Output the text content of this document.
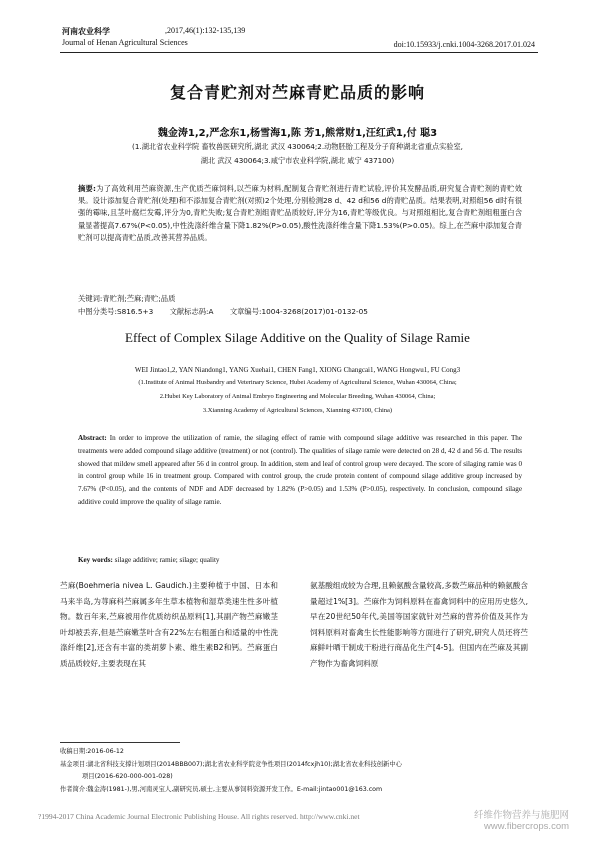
河南农业科学	,2017,46(1):132-135,139
Journal of Henan Agricultural Sciences	doi:10.15933/j.cnki.1004-3268.2017.01.024
复合青贮剂对苎麻青贮品质的影响
魏金涛1,2,严念东1,杨雪海1,陈 芳1,熊常财1,汪红武1,付 聪3
(1.湖北省农业科学院 畜牧兽医研究所,湖北 武汉 430064;2.动物胚胎工程及分子育种湖北省重点实验室,
湖北 武汉 430064;3.咸宁市农业科学院,湖北 咸宁 437100)
摘要:为了高效利用苎麻资源,生产优质苎麻饲料,以苎麻为材料,配制复合青贮剂进行青贮试验,评价其发酵品质,研究复合青贮剂的青贮效果。设计添加复合青贮剂(处理)和不添加复合青贮剂(对照)2个处理,分别检测28 d、42 d和56 d的青贮品质。结果表明,对照组56 d时有很强的霉味,且茎叶腐烂发霉,评分为0,青贮失败;复合青贮剂组青贮品质较好,评分为16,青贮等级优良。与对照组相比,复合青贮剂组粗蛋白含量显著提高7.67%(P<0.05),中性洗涤纤维含量下降1.82%(P>0.05),酸性洗涤纤维含量下降1.53%(P>0.05)。综上,在苎麻中添加复合青贮剂可以提高青贮品质,改善其营养品质。
关键词:青贮剂;苎麻;青贮;品质
中图分类号:S816.5+3 文献标志码:A 文章编号:1004-3268(2017)01-0132-05
Effect of Complex Silage Additive on the Quality of Silage Ramie
WEI Jintao1,2, YAN Niandong1, YANG Xuehai1, CHEN Fang1, XIONG Changcai1, WANG Hongwu1, FU Cong3
(1.Institute of Animal Husbandry and Veterinary Science, Hubei Academy of Agricultural Science, Wuhan 430064, China;
2.Hubei Key Laboratory of Animal Embryo Engineering and Molecular Breeding, Wuhan 430064, China;
3.Xianning Academy of Agricultural Sciences, Xianning 437100, China)
Abstract: In order to improve the utilization of ramie, the silaging effect of ramie with compound silage additive was researched in this paper. The treatments were added compound silage additive (treatment) or not (control). The qualities of silage ramie were detected on 28 d, 42 d and 56 d. The results showed that mildew smell appeared after 56 d in control group. In addition, stem and leaf of control group were decayed. The score of silaging ramie was 0 in control group while 16 in treatment group. Compared with control group, the crude protein content of compound silage additive group increased by 7.67% (P<0.05), and the contents of NDF and ADF decreased by 1.82% (P>0.05) and 1.53% (P>0.05), respectively. In conclusion, compound silage additive could improve the quality of silage ramie.
Key words: silage additive; ramie; silage; quality
苎麻(Boehmeria nivea L. Gaudich.)主要种植于中国、日本和马来半岛,为荨麻科苎麻属多年生草本植物和湿草类速生性多叶植物。数百年来,苎麻被用作优质纺织品原料[1],其副产物苎麻嫩茎叶却被丢弃,但是苎麻嫩茎叶含有22%左右粗蛋白和适量的中性洗涤纤维[2],还含有丰富的类胡萝卜素、维生素B2和钙。苎麻蛋白质品质较好,主要表现在其
氨基酸组成较为合理,且赖氨酸含量较高,多数苎麻品种的赖氨酸含量超过1%[3]。苎麻作为饲料原料在畜禽饲料中的应用历史悠久,早在20世纪50年代,美国等国家就针对苎麻的营养价值及其作为饲料原料对畜禽生长性能影响等方面进行了研究,研究人员还将苎麻鲜叶晒干制成干粉进行商品化生产[4-5]。但国内在苎麻及其副产物作为畜禽饲料原
收稿日期:2016-06-12
基金项目:湖北省科技支撑计划项目(2014BBB007);湖北省农业科学院竞争性项目(2014fcxjh10);湖北省农业科技创新中心
项目(2016-620-000-001-028)
作者简介:魏金涛(1981-),男,河南灵宝人,副研究员,硕士,主要从事饲料资源开发工作。E-mail:jintao001@163.com
?1994-2017 China Academic Journal Electronic Publishing House. All rights reserved. http://www.cnki.net	纤维作物营养与施肥网
www.fibercrops.com
